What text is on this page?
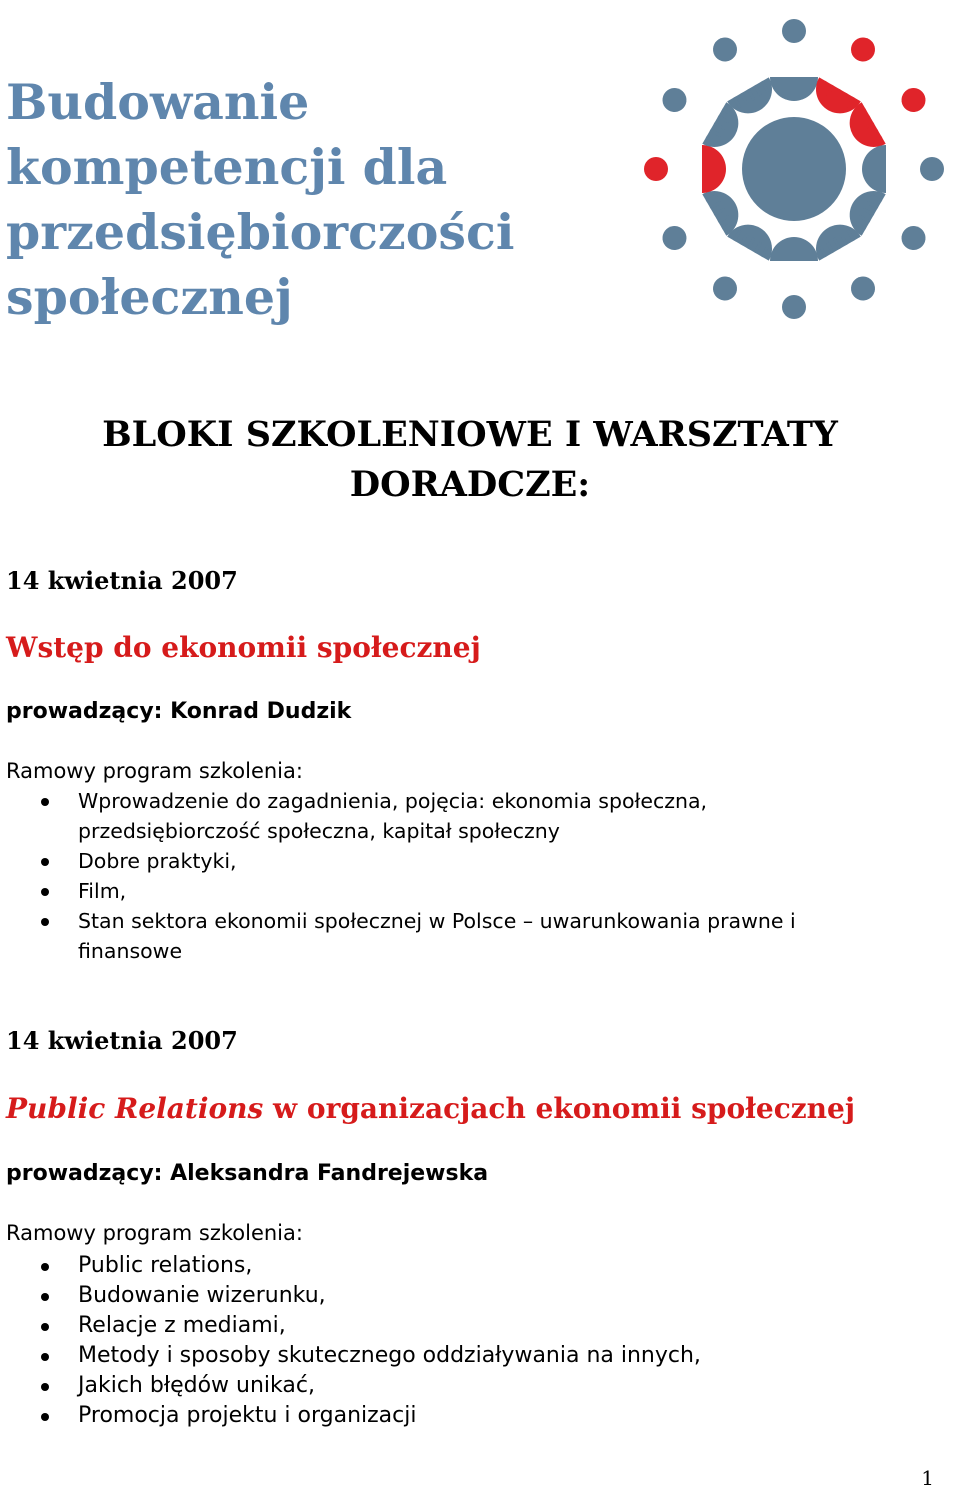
Budowanie
kompetencji dla
przedsiębiorczości
społecznej
BLOKI SZKOLENIOWE I WARSZTATY
DORADCZE:
14 kwietnia 2007
Wstęp do ekonomii społecznej
prowadzący: Konrad Dudzik
Ramowy program szkolenia:
Wprowadzenie do zagadnienia, pojęcia: ekonomia społeczna, przedsiębiorczość społeczna, kapitał społeczny
Dobre praktyki,
Film,
Stan sektora ekonomii społecznej w Polsce – uwarunkowania prawne i finansowe
14 kwietnia 2007
Public Relations w organizacjach ekonomii społecznej
prowadzący: Aleksandra Fandrejewska
Ramowy program szkolenia:
Public relations,
Budowanie wizerunku,
Relacje z mediami,
Metody i sposoby skutecznego oddziaływania na innych,
Jakich błędów unikać,
Promocja projektu i organizacji
1
